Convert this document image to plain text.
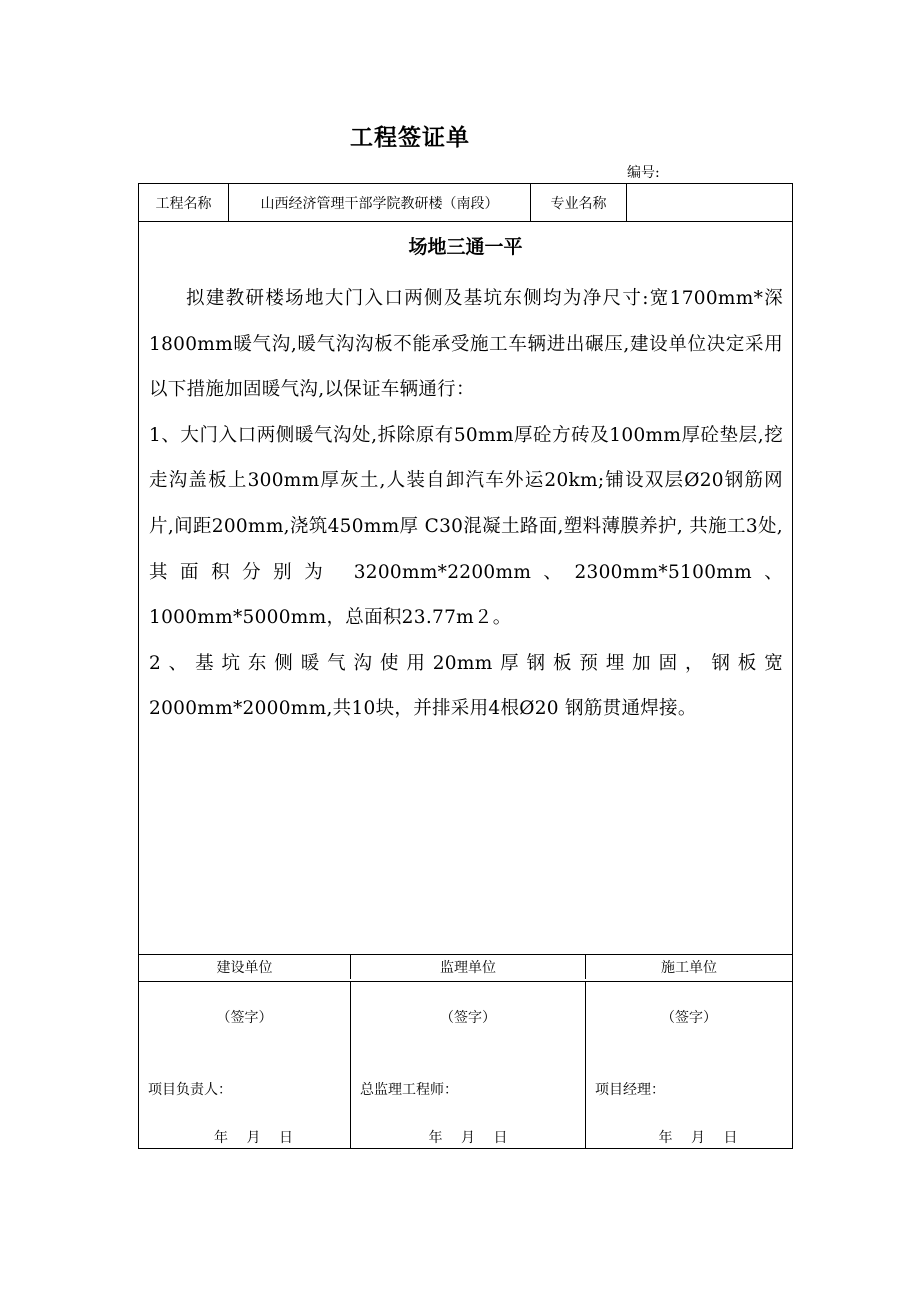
工程签证单
编号:
工程名称	山西经济管理干部学院教研楼（南段）	专业名称
场地三通一平

拟建教研楼场地大门入口两侧及基坑东侧均为净尺寸:宽1700mm*深1800mm暖气沟,暖气沟沟板不能承受施工车辆进出碾压,建设单位决定采用以下措施加固暖气沟,以保证车辆通行：

1、大门入口两侧暖气沟处,拆除原有50mm厚砼方砖及100mm厚砼垫层,挖走沟盖板上300mm厚灰土,人装自卸汽车外运20km;铺设双层Ø20钢筋网片,间距200mm,浇筑450mm厚 C30混凝土路面,塑料薄膜养护, 共施工3处,其面积分别为 3200mm*2200mm、2300mm*5100mm、1000mm*5000mm，总面积23.77m２。

2、基坑东侧暖气沟使用20mm厚钢板预埋加固，钢板宽2000mm*2000mm,共10块，并排采用4根Ø20 钢筋贯通焊接。

建设单位	监理单位	施工单位
（签字）
项目负责人：
年　 月　 日
（签字）
总监理工程师：
年　 月　 日
（签字）
项目经理：
年　 月　 日
